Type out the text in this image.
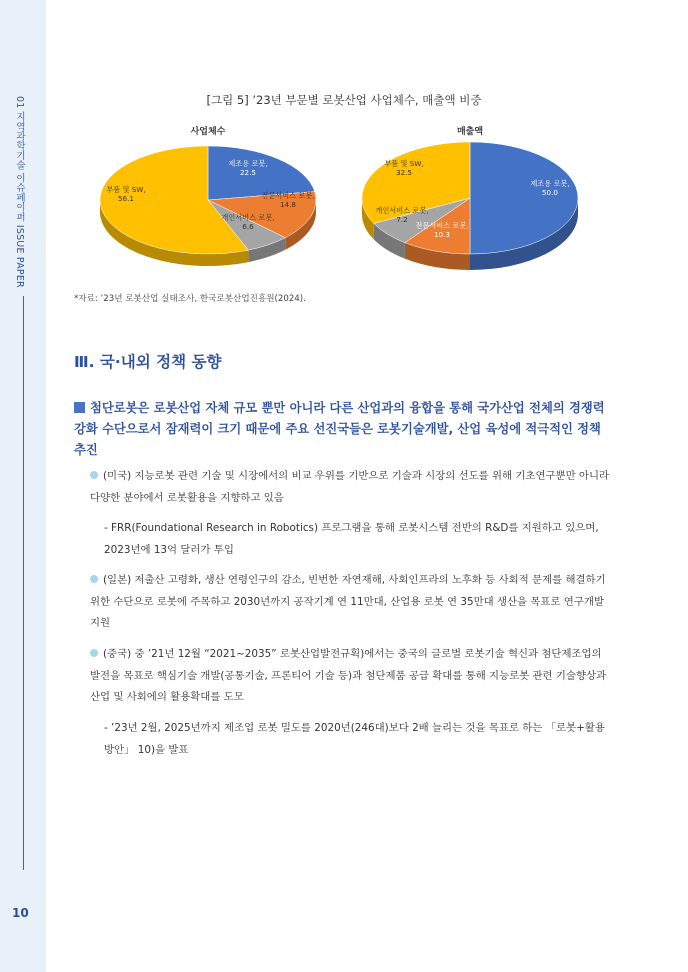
01 지역과학기술 이슈페이퍼 ISSUE PAPER
10
[그림 5] ’23년 부문별 로봇산업 사업체수, 매출액 비중
사업체수
제조용 로봇, 22.5
전문서비스 로봇, 14.8
개인서비스 로봇, 6.6
부품 및 SW, 56.1
매출액
제조용 로봇, 50.0
전문서비스 로봇, 10.3
개인서비스 로봇, 7.2
부품 및 SW, 32.5
*자료: ’23년 로봇산업 실태조사, 한국로봇산업진흥원(2024).
Ⅲ. 국·내외 정책 동향
첨단로봇은 로봇산업 자체 규모 뿐만 아니라 다른 산업과의 융합을 통해 국가산업 전체의 경쟁력 강화 수단으로서 잠재력이 크기 때문에 주요 선진국들은 로봇기술개발, 산업 육성에 적극적인 정책 추진
(미국) 지능로봇 관련 기술 및 시장에서의 비교 우위를 기반으로 기술과 시장의 선도를 위해 기초연구뿐만 아니라 다양한 분야에서 로봇활용을 지향하고 있음
- FRR(Foundational Research in Robotics) 프로그램을 통해 로봇시스템 전반의 R&D를 지원하고 있으며, 2023년에 13억 달러가 투입
(일본) 저출산 고령화, 생산 연령인구의 감소, 빈번한 자연재해, 사회인프라의 노후화 등 사회적 문제를 해결하기 위한 수단으로 로봇에 주목하고 2030년까지 공작기계 연 11만대, 산업용 로봇 연 35만대 생산을 목표로 연구개발 지원
(중국) 중 ’21년 12월 “2021~2035” 로봇산업발전규획)에서는 중국의 글로벌 로봇기술 혁신과 첨단제조업의 발전을 목표로 핵심기술 개발(공통기술, 프론티어 기술 등)과 첨단제품 공급 확대를 통해 지능로봇 관련 기술향상과 산업 및 사회에의 활용확대를 도모
- ’23년 2월, 2025년까지 제조업 로봇 밀도를 2020년(246대)보다 2배 늘리는 것을 목표로 하는 「로봇+활용방안」 10)을 발표
